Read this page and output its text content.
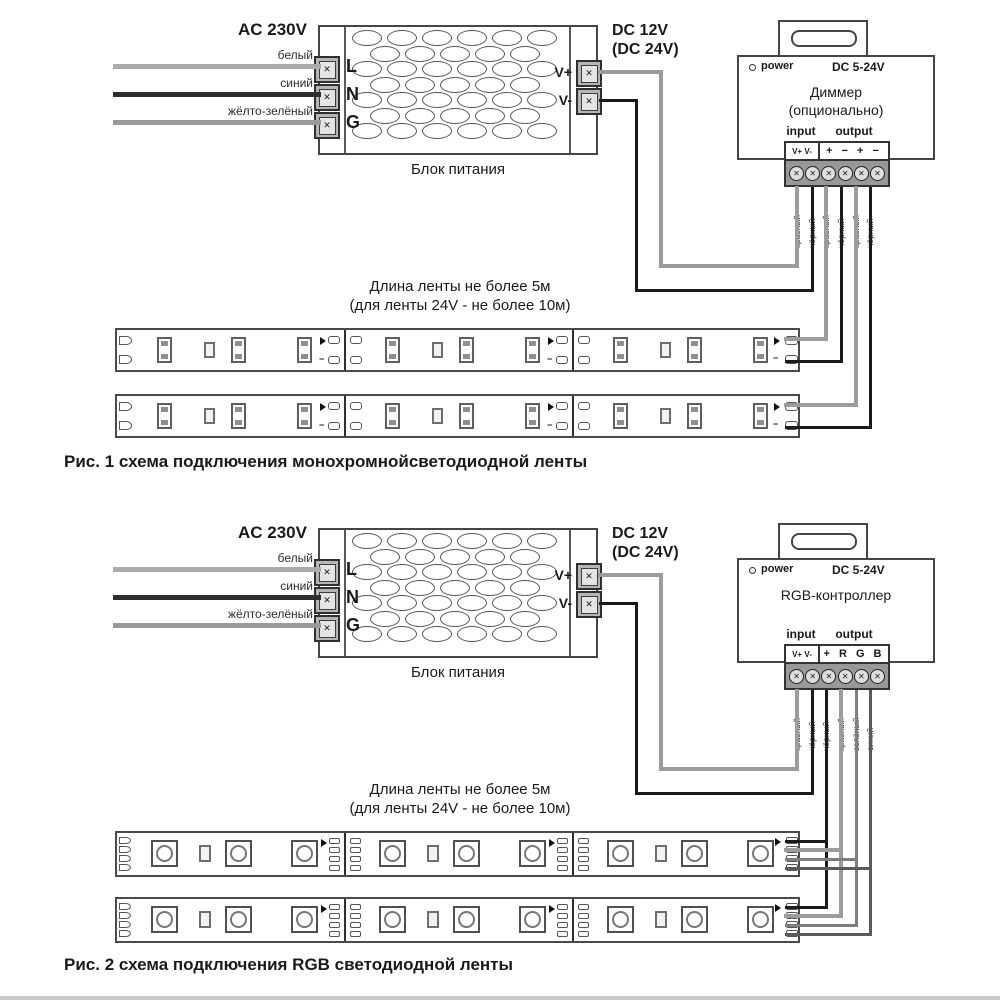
AC 230V
белый
синий
жёлто-зелёный
✕
✕
✕
L
N
G
✕
✕
V+
V-
Блок питания
DC 12V
(DC 24V)
power	DC 5-24V
Диммер
(опционально)
input	output
V+ V-	+ − + −
✕	✕	✕	✕	✕	✕
Длина ленты не более 5м
(для ленты 24V - не более 10м)
−	−	−
−	−	−
Рис. 1 схема подключения монохромнойсветодиодной ленты
AC 230V
белый
синий
жёлто-зелёный
✕
✕
✕
L
N
G
✕
✕
V+
V-
Блок питания
DC 12V
(DC 24V)
power	DC 5-24V
RGB-контроллер
input	output
V+ V-	+ R G B
✕	✕	✕	✕	✕	✕
Длина ленты не более 5м
(для ленты 24V - не более 10м)
Рис. 2 схема подключения RGB светодиодной ленты
